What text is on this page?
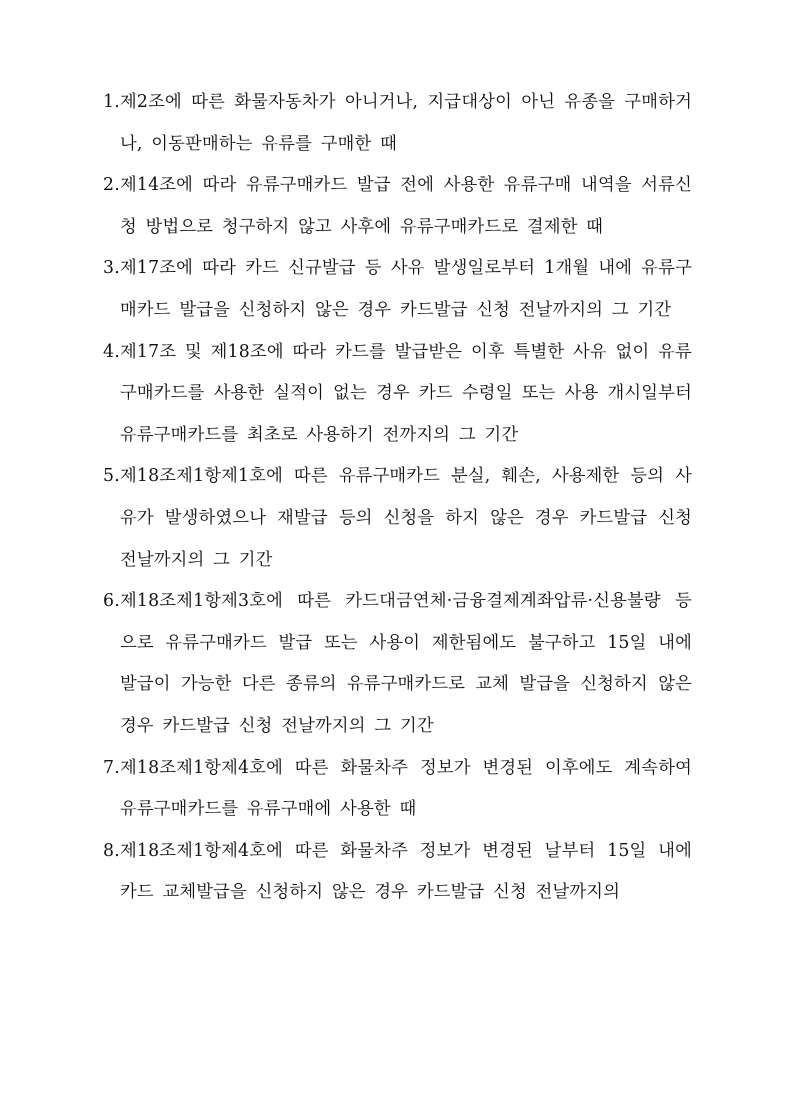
1. 제2조에 따른 화물자동차가 아니거나, 지급대상이 아닌 유종을 구매하거나, 이동판매하는 유류를 구매한 때
2. 제14조에 따라 유류구매카드 발급 전에 사용한 유류구매 내역을 서류신청 방법으로 청구하지 않고 사후에 유류구매카드로 결제한 때
3. 제17조에 따라 카드 신규발급 등 사유 발생일로부터 1개월 내에 유류구매카드 발급을 신청하지 않은 경우 카드발급 신청 전날까지의 그 기간
4. 제17조 및 제18조에 따라 카드를 발급받은 이후 특별한 사유 없이 유류구매카드를 사용한 실적이 없는 경우 카드 수령일 또는 사용 개시일부터 유류구매카드를 최초로 사용하기 전까지의 그 기간
5. 제18조제1항제1호에 따른 유류구매카드 분실, 훼손, 사용제한 등의 사유가 발생하였으나 재발급 등의 신청을 하지 않은 경우 카드발급 신청 전날까지의 그 기간
6. 제18조제1항제3호에 따른 카드대금연체·금융결제계좌압류·신용불량 등으로 유류구매카드 발급 또는 사용이 제한됨에도 불구하고 15일 내에 발급이 가능한 다른 종류의 유류구매카드로 교체 발급을 신청하지 않은 경우 카드발급 신청 전날까지의 그 기간
7. 제18조제1항제4호에 따른 화물차주 정보가 변경된 이후에도 계속하여 유류구매카드를 유류구매에 사용한 때
8. 제18조제1항제4호에 따른 화물차주 정보가 변경된 날부터 15일 내에 카드 교체발급을 신청하지 않은 경우 카드발급 신청 전날까지의
